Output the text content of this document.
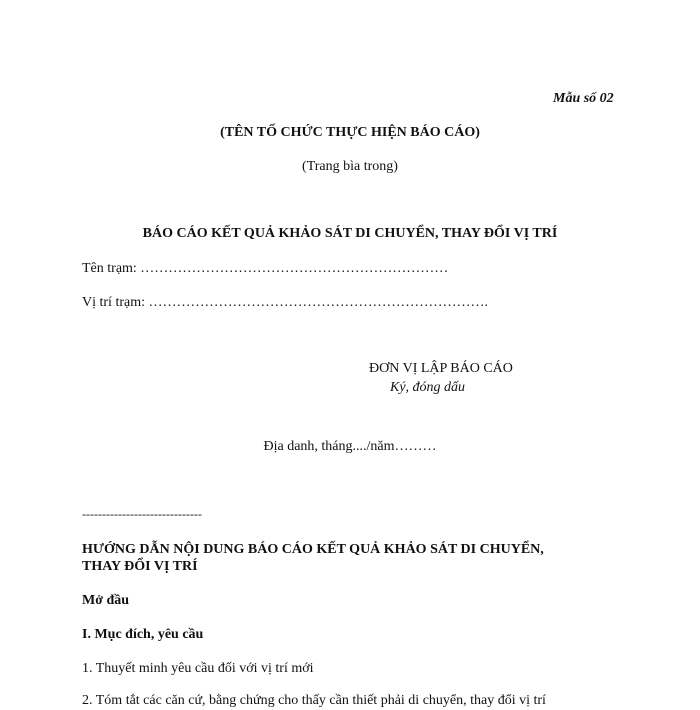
Mẫu số 02
(TÊN TỐ CHỨC THỰC HIỆN BÁO CÁO)
(Trang bìa trong)
BÁO CÁO KẾT QUẢ KHẢO SÁT DI CHUYỂN, THAY ĐỔI VỊ TRÍ
Tên trạm: …………………………………………………………
Vị trí trạm: ……………………………………………………………….
ĐƠN VỊ LẬP BÁO CÁO
Ký, đóng dấu
Địa danh, tháng..../năm………
------------------------------
HƯỚNG DẪN NỘI DUNG BÁO CÁO KẾT QUẢ KHẢO SÁT DI CHUYỂN,
THAY ĐỔI VỊ TRÍ
Mở đầu
I. Mục đích, yêu cầu
1. Thuyết minh yêu cầu đối với vị trí mới
2. Tóm tắt các căn cứ, bằng chứng cho thấy cần thiết phải di chuyển, thay đổi vị trí
